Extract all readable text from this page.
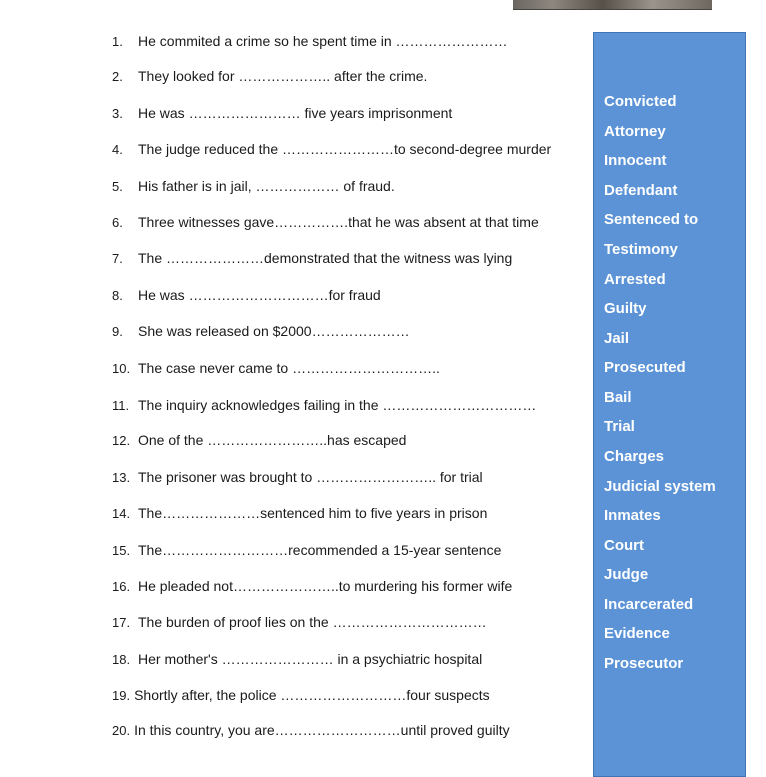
1. He commited a crime so he spent time in ……………………
2. They looked for ……………….. after the crime.
3. He was …………………… five years imprisonment
4. The judge reduced the ……………………to second-degree murder
5. His father is in jail, ……………… of fraud.
6. Three witnesses gave…………….that he was absent at that time
7. The …………………demonstrated that the witness was lying
8. He was …………………………for fraud
9. She was released on $2000…………………
10. The case never came to …………………………..
11. The inquiry acknowledges failing in the ……………………………
12. One of the ……………………..has escaped
13. The prisoner was brought to …………………….. for trial
14. The…………………sentenced him to five years in prison
15. The………………………recommended a 15-year sentence
16. He pleaded not…………………..to murdering his former wife
17. The burden of proof lies on the ……………………………
18. Her mother's …………………… in a psychiatric hospital
19. Shortly after, the police ………………………four suspects
20. In this country, you are………………………until proved guilty
Convicted
Attorney
Innocent
Defendant
Sentenced to
Testimony
Arrested
Guilty
Jail
Prosecuted
Bail
Trial
Charges
Judicial system
Inmates
Court
Judge
Incarcerated
Evidence
Prosecutor
